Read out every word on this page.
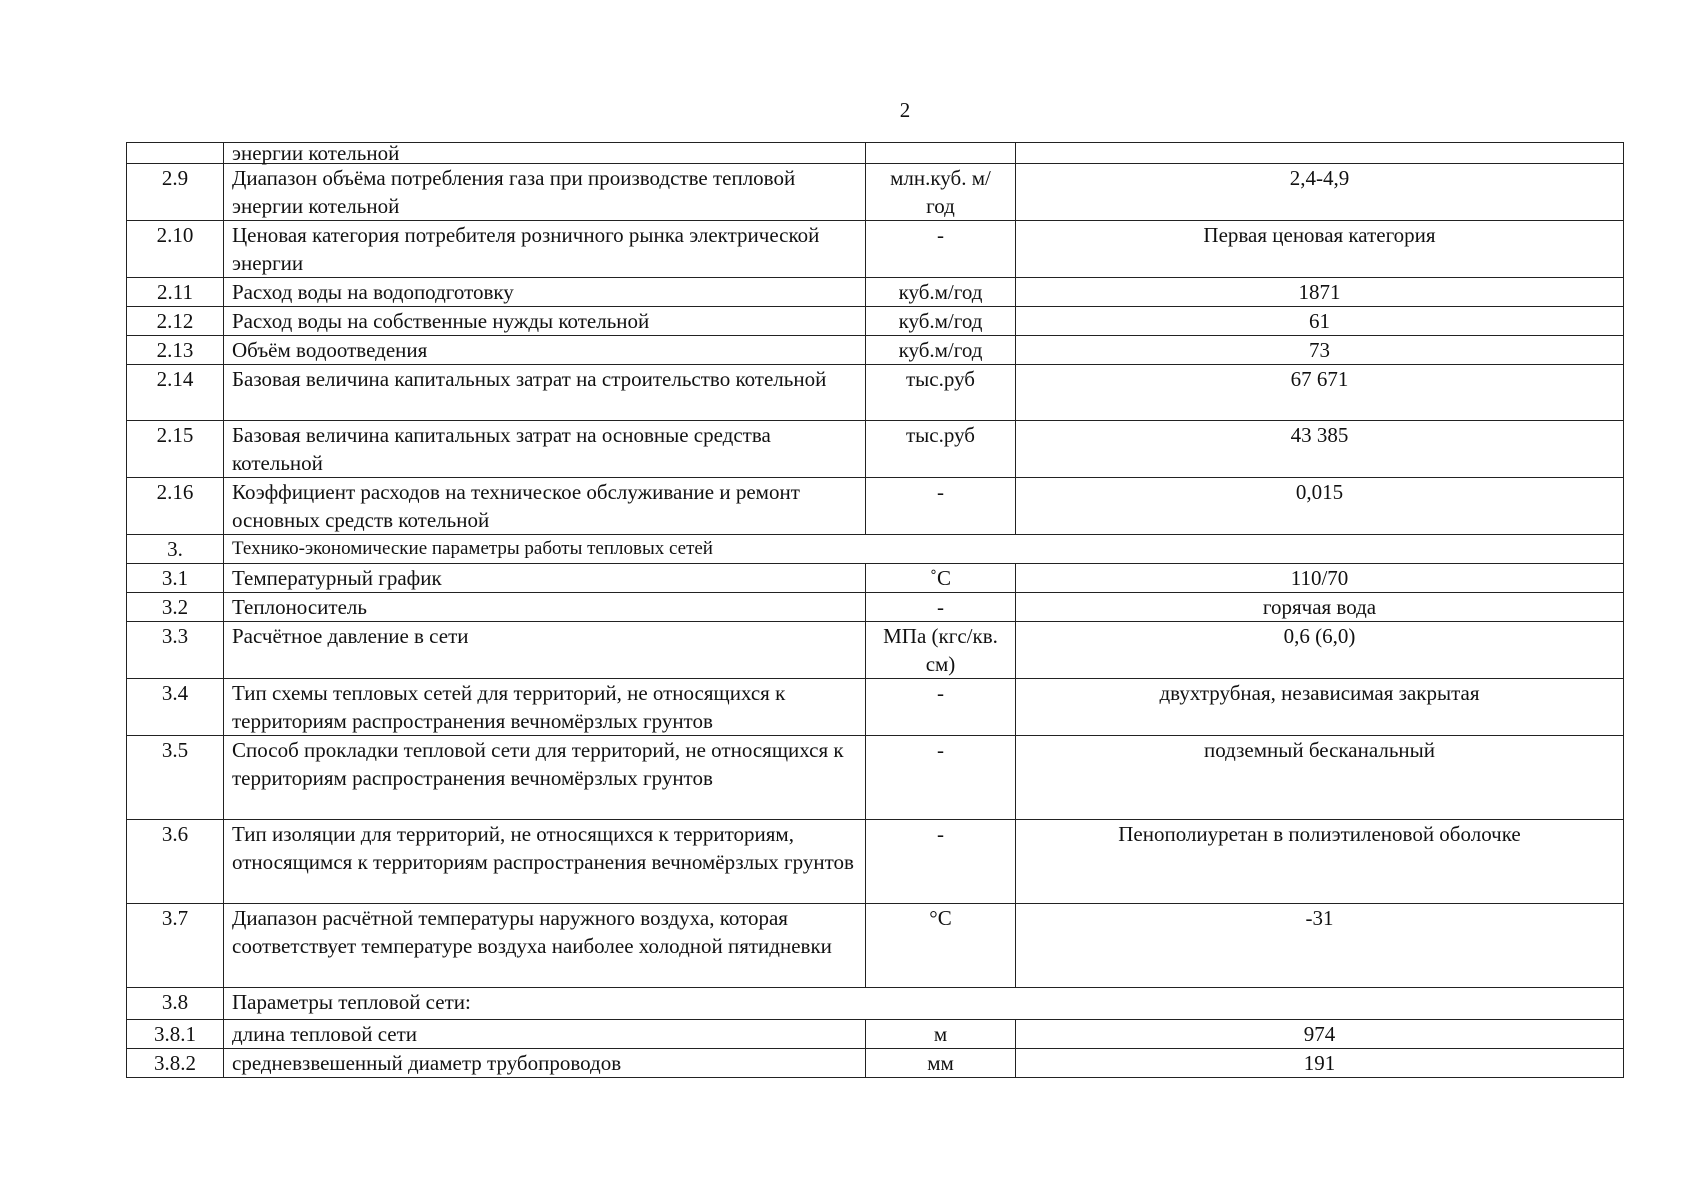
2
	энергии котельной		
2.9	Диапазон объёма потребления газа при производстве тепловой энергии котельной	млн.куб. м/ год	2,4-4,9
2.10	Ценовая категория потребителя розничного рынка электрической энергии	-	Первая ценовая категория
2.11	Расход воды на водоподготовку	куб.м/год	1871
2.12	Расход воды на собственные нужды котельной	куб.м/год	61
2.13	Объём водоотведения	куб.м/год	73
2.14	Базовая величина капитальных затрат на строительство котельной	тыс.руб	67 671
2.15	Базовая величина капитальных затрат на основные средства котельной	тыс.руб	43 385
2.16	Коэффициент расходов на техническое обслуживание и ремонт основных средств котельной	-	0,015
3.	Технико-экономические параметры работы тепловых сетей		
3.1	Температурный график	˚С	110/70
3.2	Теплоноситель	-	горячая вода
3.3	Расчётное давление в сети	МПа (кгс/кв. см)	0,6 (6,0)
3.4	Тип схемы тепловых сетей для территорий, не относящихся к территориям распространения вечномёрзлых грунтов	-	двухтрубная, независимая закрытая
3.5	Способ прокладки тепловой сети для территорий, не относящихся к территориям распространения вечномёрзлых грунтов	-	подземный бесканальный
3.6	Тип изоляции для территорий, не относящихся к территориям, относящимся к территориям распространения вечномёрзлых грунтов	-	Пенополиуретан в полиэтиленовой оболочке
3.7	Диапазон расчётной температуры наружного воздуха, которая соответствует температуре воздуха наиболее холодной пятидневки	°С	-31
3.8	Параметры тепловой сети:		
3.8.1	длина тепловой сети	м	974
3.8.2	средневзвешенный диаметр трубопроводов	мм	191
